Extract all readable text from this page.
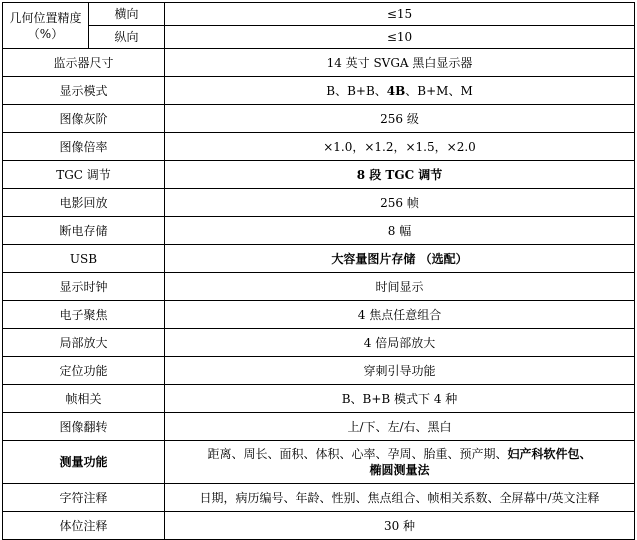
几何位置精度（%）	横向	≤15
	纵向	≤10
监示器尺寸		14 英寸 SVGA 黑白显示器
显示模式		B、B+B、4B、B+M、M
图像灰阶		256 级
图像倍率		×1.0，×1.2，×1.5，×2.0
TGC 调节		8 段 TGC 调节
电影回放		256 帧
断电存储		8 幅
USB		大容量图片存储 （选配）
显示时钟		时间显示
电子聚焦		4 焦点任意组合
局部放大		4 倍局部放大
定位功能		穿刺引导功能
帧相关		B、B+B 模式下 4 种
图像翻转		上/下、左/右、黑白
测量功能		距离、周长、面积、体积、心率、孕周、胎重、预产期、妇产科软件包、
椭圆测量法
字符注释		日期，病历编号、年龄、性别、焦点组合、帧相关系数、全屏幕中/英文注释
体位注释		30 种
